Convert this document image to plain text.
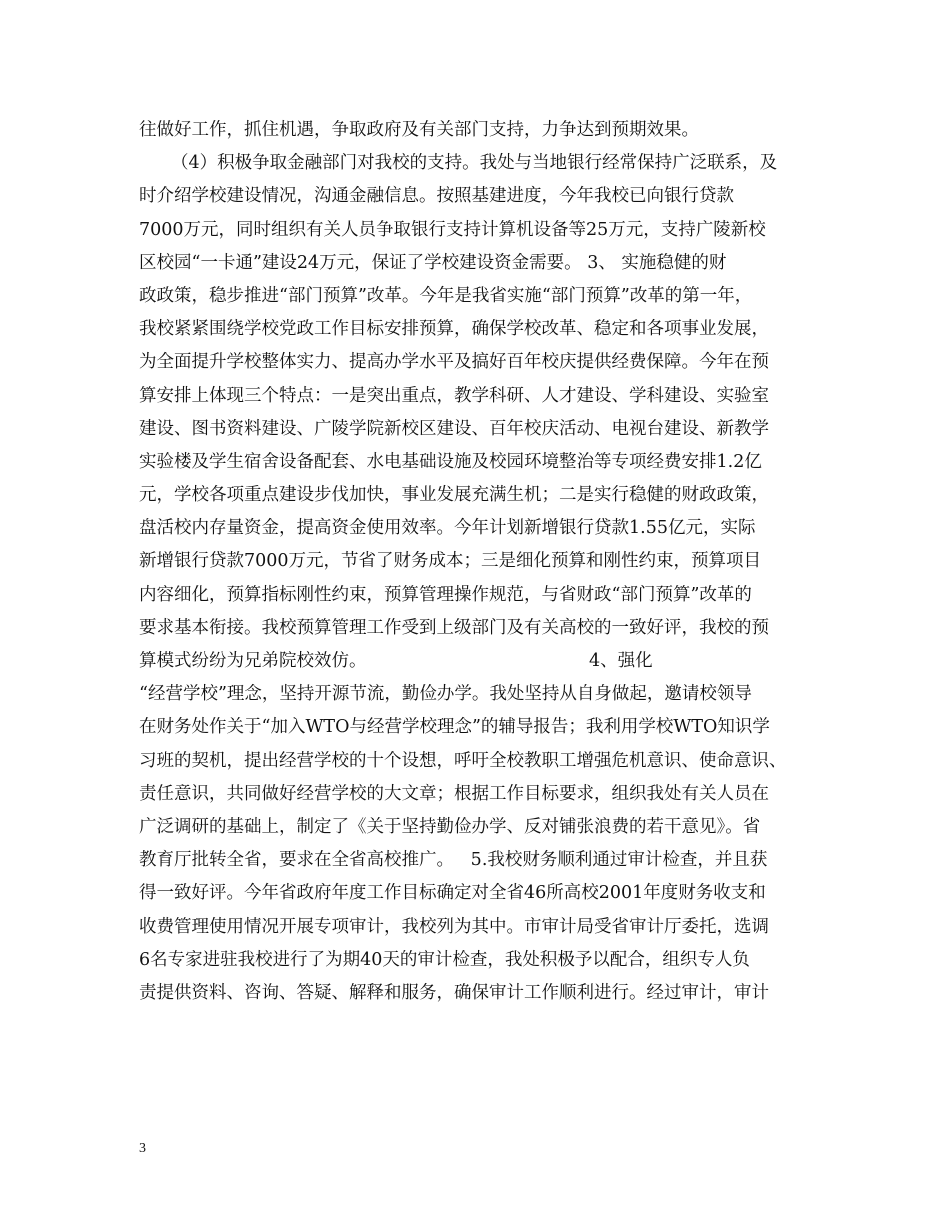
往做好工作，抓住机遇，争取政府及有关部门支持，力争达到预期效果。
（4）积极争取金融部门对我校的支持。我处与当地银行经常保持广泛联系，及
时介绍学校建设情况，沟通金融信息。按照基建进度，今年我校已向银行贷款
7000万元，同时组织有关人员争取银行支持计算机设备等25万元，支持广陵新校
区校园“一卡通”建设24万元，保证了学校建设资金需要。 3、 实施稳健的财
政政策，稳步推进“部门预算”改革。今年是我省实施“部门预算”改革的第一年，
我校紧紧围绕学校党政工作目标安排预算，确保学校改革、稳定和各项事业发展，
为全面提升学校整体实力、提高办学水平及搞好百年校庆提供经费保障。今年在预
算安排上体现三个特点：一是突出重点，教学科研、人才建设、学科建设、实验室
建设、图书资料建设、广陵学院新校区建设、百年校庆活动、电视台建设、新教学
实验楼及学生宿舍设备配套、水电基础设施及校园环境整治等专项经费安排1.2亿
元，学校各项重点建设步伐加快，事业发展充满生机；二是实行稳健的财政政策，
盘活校内存量资金，提高资金使用效率。今年计划新增银行贷款1.55亿元，实际
新增银行贷款7000万元，节省了财务成本；三是细化预算和刚性约束，预算项目
内容细化，预算指标刚性约束，预算管理操作规范，与省财政“部门预算”改革的
要求基本衔接。我校预算管理工作受到上级部门及有关高校的一致好评，我校的预
算模式纷纷为兄弟院校效仿。                                        4、强化
“经营学校”理念，坚持开源节流，勤俭办学。我处坚持从自身做起，邀请校领导
在财务处作关于“加入WTO与经营学校理念”的辅导报告；我利用学校WTO知识学
习班的契机，提出经营学校的十个设想，呼吁全校教职工增强危机意识、使命意识、
责任意识，共同做好经营学校的大文章；根据工作目标要求，组织我处有关人员在
广泛调研的基础上，制定了《关于坚持勤俭办学、反对铺张浪费的若干意见》。省
教育厅批转全省，要求在全省高校推广。   5.我校财务顺利通过审计检查，并且获
得一致好评。今年省政府年度工作目标确定对全省46所高校2001年度财务收支和
收费管理使用情况开展专项审计，我校列为其中。市审计局受省审计厅委托，选调
6名专家进驻我校进行了为期40天的审计检查，我处积极予以配合，组织专人负
责提供资料、咨询、答疑、解释和服务，确保审计工作顺利进行。经过审计，审计
3
